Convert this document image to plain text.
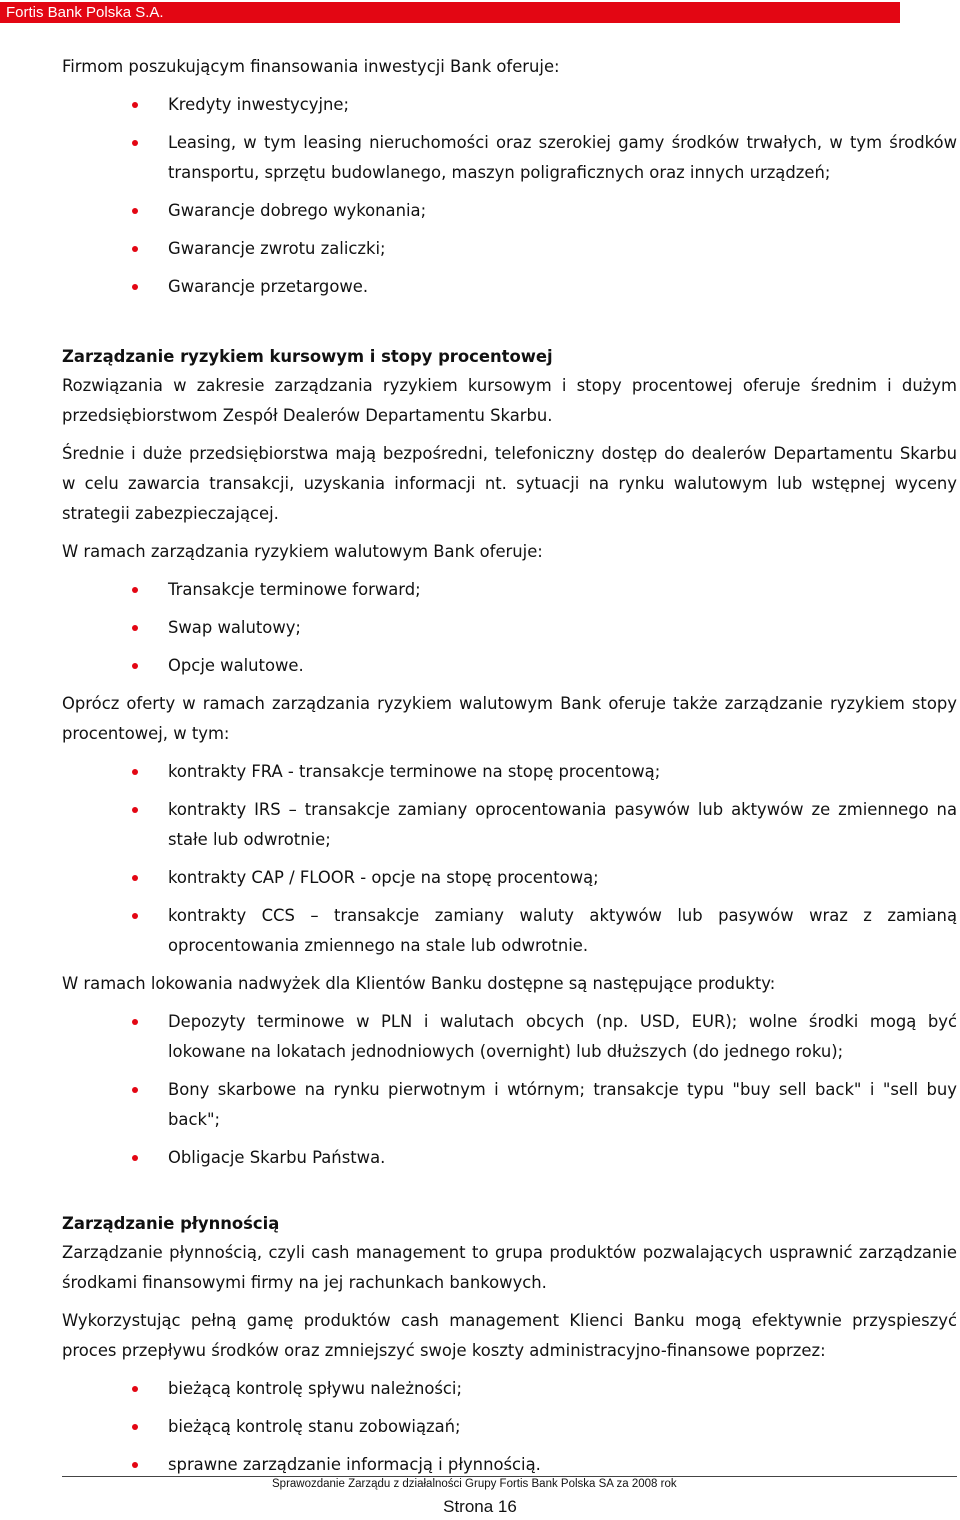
Fortis Bank Polska S.A.

Firmom poszukującym finansowania inwestycji Bank oferuje:

Kredyty inwestycyjne;
Leasing, w tym leasing nieruchomości oraz szerokiej gamy środków trwałych, w tym środków transportu, sprzętu budowlanego, maszyn poligraficznych oraz innych urządzeń;
Gwarancje dobrego wykonania;
Gwarancje zwrotu zaliczki;
Gwarancje przetargowe.

Zarządzanie ryzykiem kursowym i stopy procentowej

Rozwiązania w zakresie zarządzania ryzykiem kursowym i stopy procentowej oferuje średnim i dużym przedsiębiorstwom Zespół Dealerów Departamentu Skarbu.

Średnie i duże przedsiębiorstwa mają bezpośredni, telefoniczny dostęp do dealerów Departamentu Skarbu w celu zawarcia transakcji, uzyskania informacji nt. sytuacji na rynku walutowym lub wstępnej wyceny strategii zabezpieczającej.

W ramach zarządzania ryzykiem walutowym Bank oferuje:

Transakcje terminowe forward;
Swap walutowy;
Opcje walutowe.

Oprócz oferty w ramach zarządzania ryzykiem walutowym Bank oferuje także zarządzanie ryzykiem stopy procentowej, w tym:

kontrakty FRA - transakcje terminowe na stopę procentową;
kontrakty IRS – transakcje zamiany oprocentowania pasywów lub aktywów ze zmiennego na stałe lub odwrotnie;
kontrakty CAP / FLOOR - opcje na stopę procentową;
kontrakty CCS – transakcje zamiany waluty aktywów lub pasywów wraz z zamianą oprocentowania zmiennego na stale lub odwrotnie.

W ramach lokowania nadwyżek dla Klientów Banku dostępne są następujące produkty:

Depozyty terminowe w PLN i walutach obcych (np. USD, EUR); wolne środki mogą być lokowane na lokatach jednodniowych (overnight) lub dłuższych (do jednego roku);
Bony skarbowe na rynku pierwotnym i wtórnym; transakcje typu "buy sell back" i "sell buy back";
Obligacje Skarbu Państwa.

Zarządzanie płynnością

Zarządzanie płynnością, czyli cash management to grupa produktów pozwalających usprawnić zarządzanie środkami finansowymi firmy na jej rachunkach bankowych.

Wykorzystując pełną gamę produktów cash management Klienci Banku mogą efektywnie przyspieszyć proces przepływu środków oraz zmniejszyć swoje koszty administracyjno-finansowe poprzez:

bieżącą kontrolę spływu należności;
bieżącą kontrolę stanu zobowiązań;
sprawne zarządzanie informacją i płynnością.
Sprawozdanie Zarządu z działalności Grupy Fortis Bank Polska SA za 2008 rok
Strona 16
